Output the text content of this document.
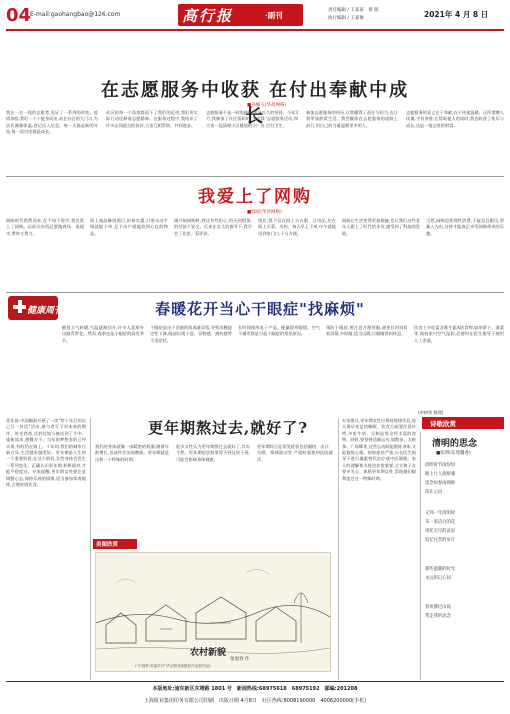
04
E-mail:gaohangbao@126.com	高行报	·副刊
责任编辑 / 王家泰　排 版
执行编辑 / 王嘉俊	2021年 4 月 8 日
在志愿服务中收获 在付出奉献中成长
■孙佩玉(华高网格)
我在一名一线的志愿者,见证了一系列的改变。疫情来临,我们一个个挺身而出,站在社区的大门口,为居民测量体温,登记出入信息。每一天都是新的开始,每一次付出都是成长。
社区的每一个角落都留下了我们的足迹,我们用实际行动诠释着志愿精神。在服务过程中,我结识了许多志同道合的伙伴,大家互相帮助、共同进步。
志愿服务不是一时的热情,而是长久的坚持。今年3月,我参加了社区组织的"学雷锋"志愿服务活动,和大家一起清理小区楼道的小广告,打扫卫生。
参加志愿服务的经历,让我懂得了责任与担当,也让我更加热爱生活。我会继续在志愿服务的道路上前行,用自己的力量温暖更多的人。
志愿服务的意义在于奉献,在于传递温暖。正所谓赠人玫瑰,手有余香,在帮助他人的同时,我也收获了快乐与成长,这是一笔宝贵的财富。
我爱上了网购
■郭瑶(华泾网格)
网购时代悄然而来,在不知不觉中,我也爱上了网购。以前买东西总要跑商场、逛超市,费时又费力。
网上商品琳琅满目,价格实惠,只要动动手指就能下单,足不出户就能收到心仪的物品。
刚开始网购时,我还有些担心,怕买到假货,怕付款不安全。后来在女儿的指导下,我学会了比价、看评价。
现在,我不仅在网上买衣服、日用品,还在网上买菜、买药。每天早上下单,中午就能送到家门口,十分方便。
网购让生活变得更加便捷,也让我们这些老年人跟上了时代的步伐,感受到了科技的发展。
当然,网购也要理性消费,不能盲目跟风,要量入为出,这样才能真正享受网购带来的乐趣。
健康周刊	春暖花开当心干眼症"找麻烦"
随着天气转暖,气温逐渐回升,许多人喜欢外出踏青赏花。然而,春季也是干眼症的高发季节。
干眼症是由于泪液的质或量异常,导致泪膜稳定性下降,眼部出现干涩、异物感、烧灼感等不适症状。
长时间使用电子产品、配戴隐形眼镜、空气干燥等都是引起干眼症的常见原因。
预防干眼症,要注意合理用眼,避免长时间盯着屏幕,多眨眼,适当远眺,让眼睛得到休息。
饮食上多吃富含维生素A的食物,如胡萝卜、菠菜等,保持室内空气湿润,必要时在医生指导下使用人工泪液。
(余树荣 整理)
喜年前,中国邮政开展了一次"给十年后的自己写一封信"活动,参与者写下对未来的期许。时光荏苒,这封信如今被送到了手中。重新读来,感慨万千。当年的梦想有的已经实现,有的仍在路上。十年间,我们的城市日新月异,生活越来越美好。更年期是人生的一个重要阶段,在这个阶段,女性身体会发生一系列变化。正确认识更年期,积极面对,才能平稳度过。专家提醒,更年期女性要注意调整心态,保持乐观的情绪,适当参加体育锻炼,合理安排饮食。
更年期熬过去,就好了?
我们的身体就像一部精密的机器,随着年龄增长,各部件会出现磨损。更年期就是这样一个特殊的时期。
很多女性认为更年期熬过去就好了,其实不然。更年期症状如果得不到及时干预,可能会影响身体健康。
更年期综合征常见症状包括潮热、出汗、失眠、情绪波动等,严重时需要到医院就诊。
美图欣赏
农村新貌
张旭春 作
("中国梦·美丽乡村"华泾镇书画摄影作品展作品)
专家建议,更年期女性应保持规律作息,每天保证充足的睡眠。饮食方面要注意补钙,多吃牛奶、豆制品等含钙丰富的食物。同时,要坚持适量运动,如散步、太极拳、广场舞等,这些运动既能锻炼身体,又能愉悦心情。如果症状严重,应在医生指导下进行激素替代治疗或中医调理。家人的理解和支持也非常重要,丈夫和子女要多关心、体贴更年期女性,帮助她们顺利度过这一特殊时期。
诗歌欣赏
清明的思念
■张明(东苑馨香)
清明时节雨纷纷
路上行人欲断魂
思念如春雨绵绵
落在心田
又到一年清明时
采一束洁白的花
寄托无尽的哀思
追忆往昔的岁月
那些温暖的时光
永远铭记心间
春风拂过山岗
带走我的思念
本版地址:浦东新区东靖路 1801 号　新闻热线:68975618　68975192　邮编:201208
上海报业集团印务有限公司印刷　出版日期 4月8日　社区热线:8008190000　4006200000(手机)
